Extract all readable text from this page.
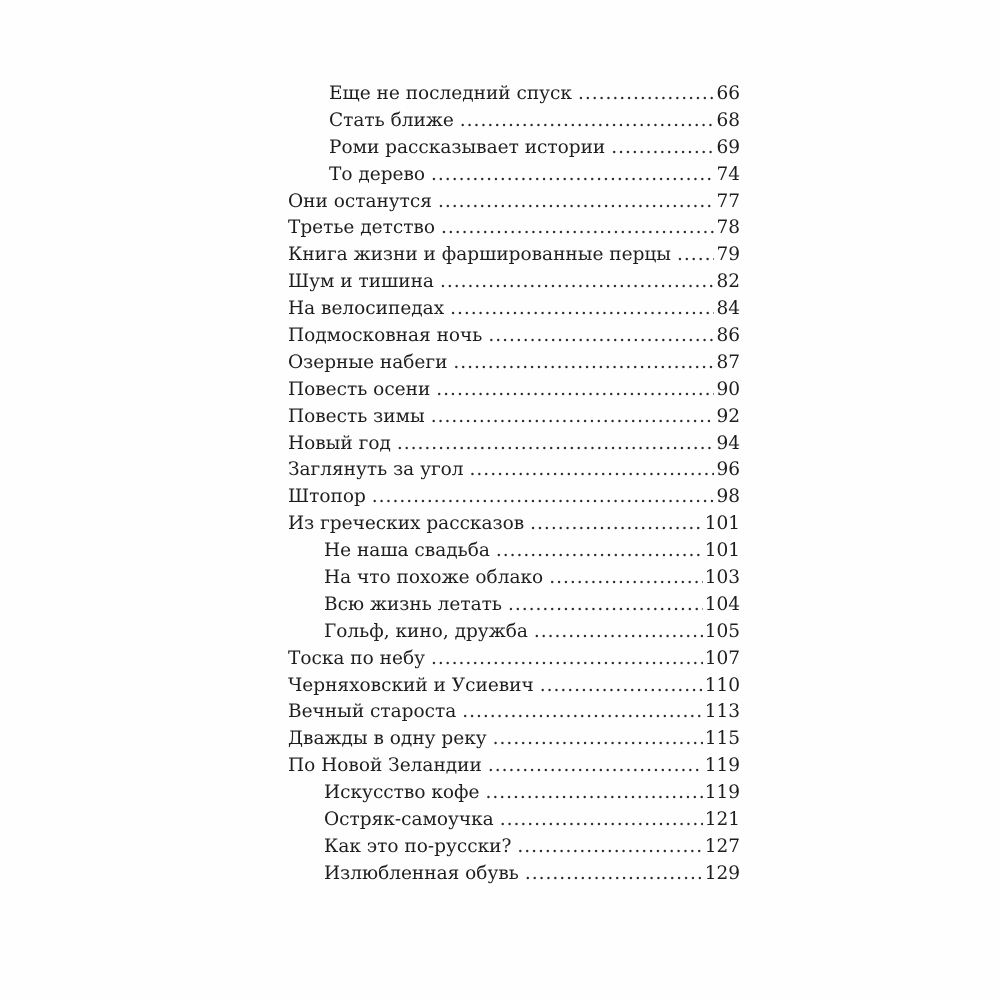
Еще не последний спуск .....	66
Стать ближе .....	68
Роми рассказывает истории .....	69
То дерево .....	74
Они останутся .....	77
Третье детство .....	78
Книга жизни и фаршированные перцы ..... 79
Шум и тишина .....	82
На велосипедах .....	84
Подмосковная ночь .....	86
Озерные набеги .....	87
Повесть осени .....	90
Повесть зимы .....	92
Новый год .....	94
Заглянуть за угол .....	96
Штопор .....	98
Из греческих рассказов .....	101
Не наша свадьба .....	101
На что похоже облако .....	103
Всю жизнь летать .....	104
Гольф, кино, дружба .....	105
Тоска по небу .....	107
Черняховский и Усиевич .....	110
Вечный староста .....	113
Дважды в одну реку .....	115
По Новой Зеландии .....	119
Искусство кофе .....	119
Остряк-самоучка .....	121
Как это по-русски? .....	127
Излюбленная обувь .....	129
